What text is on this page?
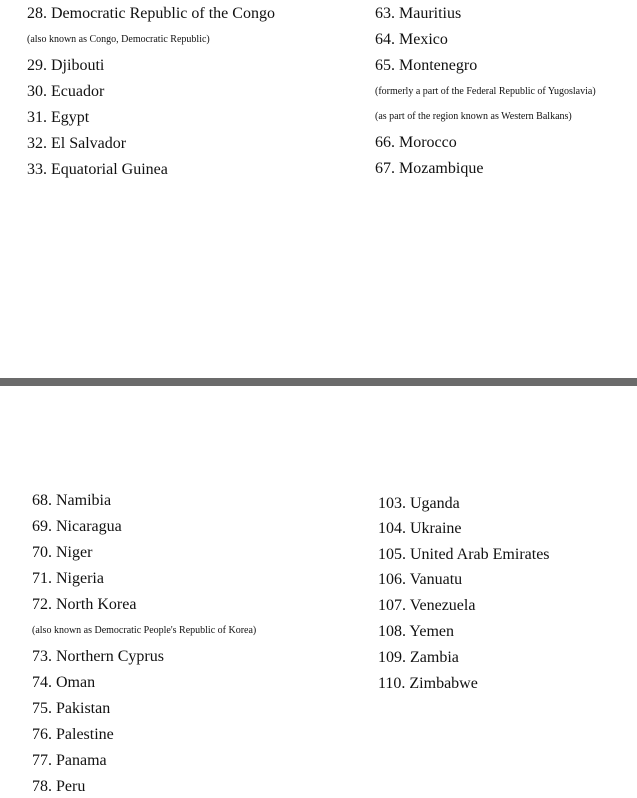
28. Democratic Republic of the Congo
(also known as Congo, Democratic Republic)
29. Djibouti
30. Ecuador
31. Egypt
32. El Salvador
33. Equatorial Guinea
63. Mauritius
64. Mexico
65. Montenegro
(formerly a part of the Federal Republic of Yugoslavia)
(as part of the region known as Western Balkans)
66. Morocco
67. Mozambique
68. Namibia
69. Nicaragua
70. Niger
71. Nigeria
72. North Korea
(also known as Democratic People's Republic of Korea)
73. Northern Cyprus
74. Oman
75. Pakistan
76. Palestine
77. Panama
78. Peru
103. Uganda
104. Ukraine
105. United Arab Emirates
106. Vanuatu
107. Venezuela
108. Yemen
109. Zambia
110. Zimbabwe
